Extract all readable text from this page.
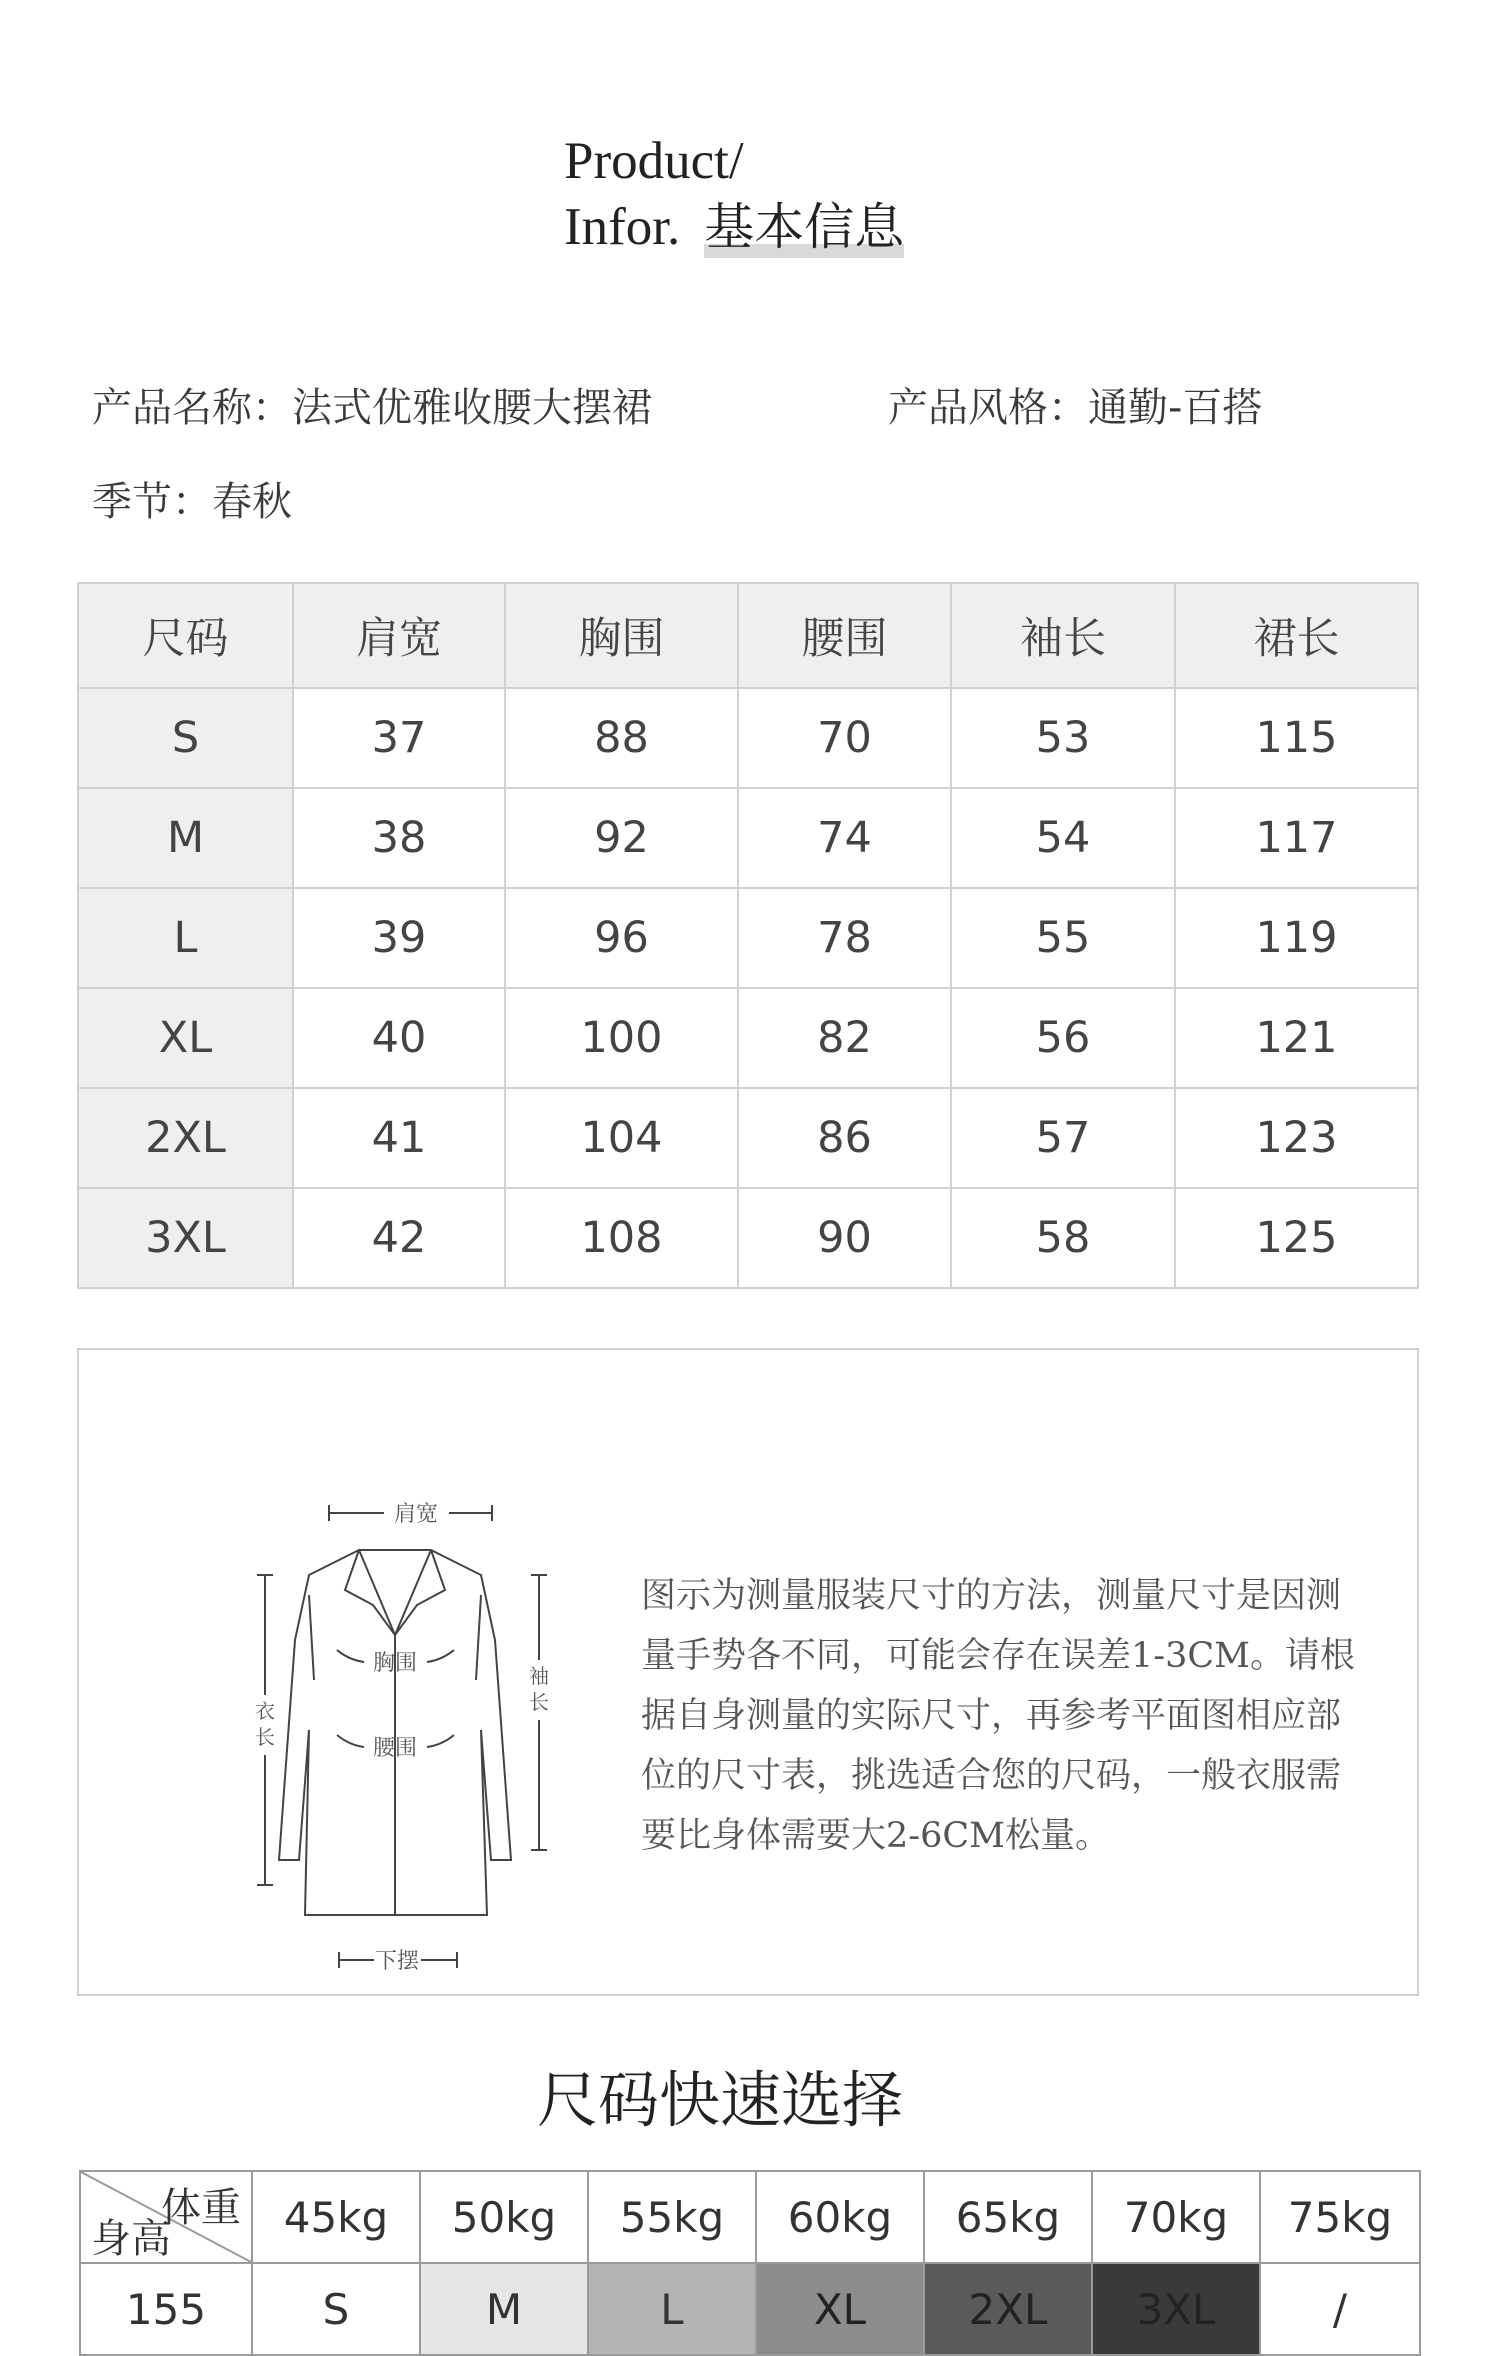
Product/
Infor. 基本信息
产品名称：法式优雅收腰大摆裙	产品风格：通勤-百搭
季节：春秋
尺码	肩宽	胸围	腰围	袖长	裙长
S	37	88	70	53	115
M	38	92	74	54	117
L	39	96	78	55	119
XL	40	100	82	56	121
2XL	41	104	86	57	123
3XL	42	108	90	58	125
肩宽
衣
长
袖
长
胸围
腰围
下摆
图示为测量服装尺寸的方法，测量尺寸是因测量手势各不同，可能会存在误差1-3CM。请根据自身测量的实际尺寸，再参考平面图相应部位的尺寸表，挑选适合您的尺码，一般衣服需要比身体需要大2-6CM松量。
尺码快速选择
体重
身高	45kg	50kg	55kg	60kg	65kg	70kg	75kg
155	S	M	L	XL	2XL	3XL	/
